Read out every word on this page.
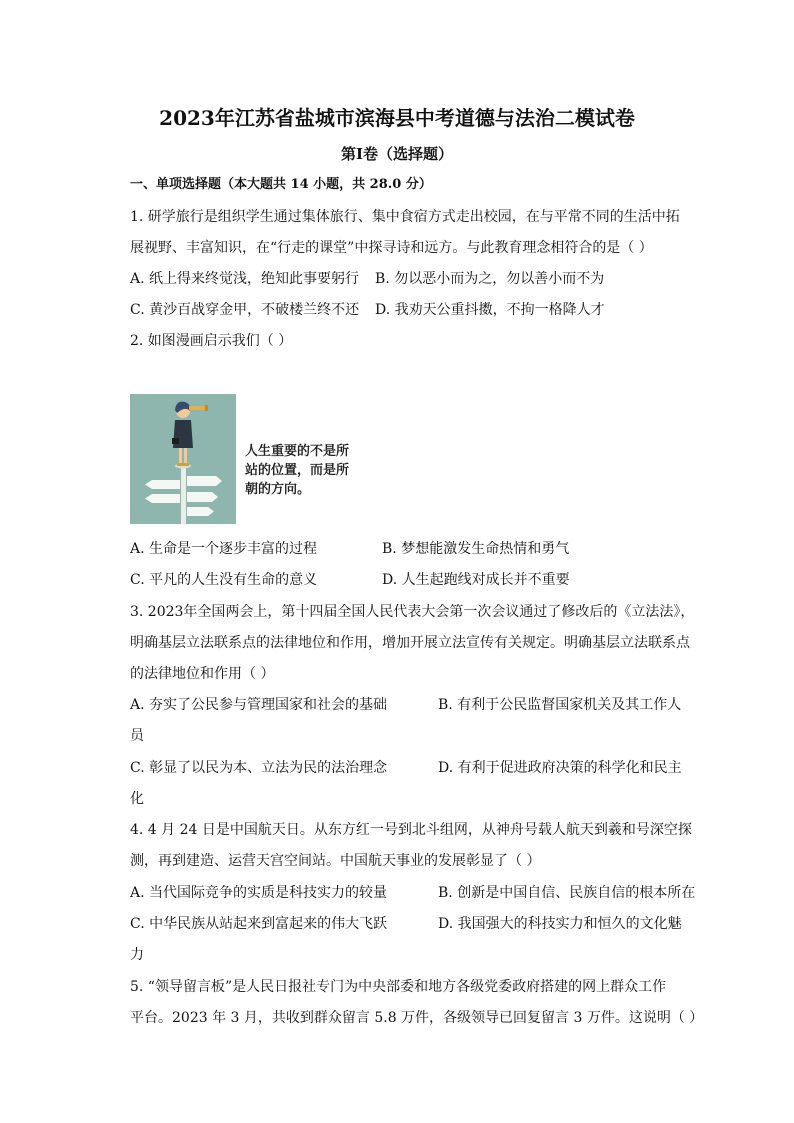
2023年江苏省盐城市滨海县中考道德与法治二模试卷
第I卷（选择题）
一、单项选择题（本大题共 14 小题，共 28.0 分）
1. 研学旅行是组织学生通过集体旅行、集中食宿方式走出校园，在与平常不同的生活中拓
展视野、丰富知识，在“行走的课堂”中探寻诗和远方。与此教育理念相符合的是（ ）
A. 纸上得来终觉浅，绝知此事要躬行 B. 勿以恶小而为之，勿以善小而不为
C. 黄沙百战穿金甲，不破楼兰终不还 D. 我劝天公重抖擞，不拘一格降人才
2. 如图漫画启示我们（ ）
人生重要的不是所
站的位置，而是所
朝的方向。
A. 生命是一个逐步丰富的过程	B. 梦想能激发生命热情和勇气
C. 平凡的人生没有生命的意义	D. 人生起跑线对成长并不重要
3. 2023年全国两会上，第十四届全国人民代表大会第一次会议通过了修改后的《立法法》，
明确基层立法联系点的法律地位和作用，增加开展立法宣传有关规定。明确基层立法联系点
的法律地位和作用（ ）
A. 夯实了公民参与管理国家和社会的基础	B. 有利于公民监督国家机关及其工作人
员
C. 彰显了以民为本、立法为民的法治理念	D. 有利于促进政府决策的科学化和民主
化
4. 4 月 24 日是中国航天日。从东方红一号到北斗组网，从神舟号载人航天到羲和号深空探
测，再到建造、运营天宫空间站。中国航天事业的发展彰显了（ ）
A. 当代国际竞争的实质是科技实力的较量	B. 创新是中国自信、民族自信的根本所在
C. 中华民族从站起来到富起来的伟大飞跃	D. 我国强大的科技实力和恒久的文化魅
力
5. “领导留言板”是人民日报社专门为中央部委和地方各级党委政府搭建的网上群众工作
平台。2023 年 3 月，共收到群众留言 5.8 万件，各级领导已回复留言 3 万件。这说明（ ）
